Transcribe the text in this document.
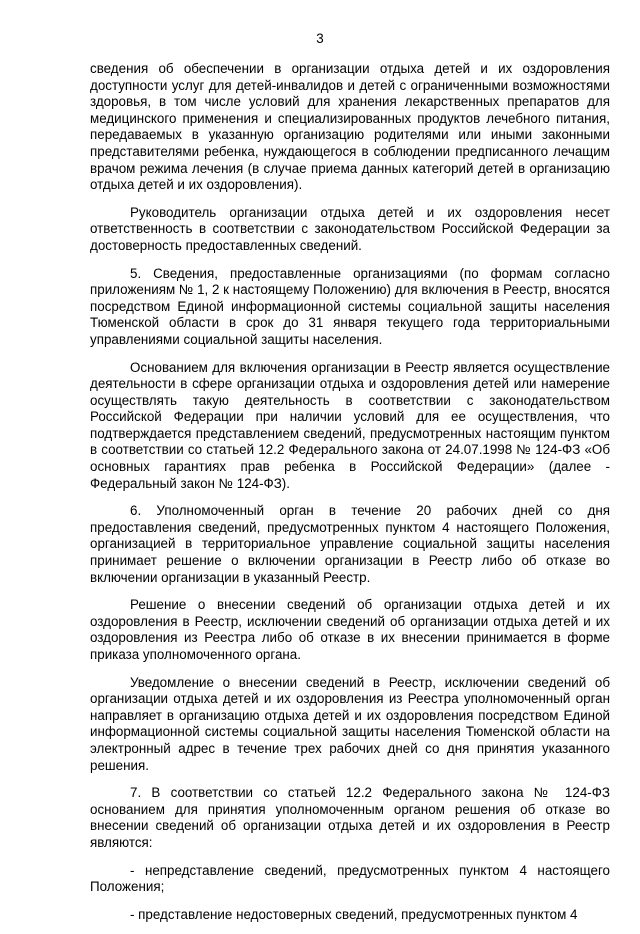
3

сведения об обеспечении в организации отдыха детей и их оздоровления доступности услуг для детей-инвалидов и детей с ограниченными возможностями здоровья, в том числе условий для хранения лекарственных препаратов для медицинского применения и специализированных продуктов лечебного питания, передаваемых в указанную организацию родителями или иными законными представителями ребенка, нуждающегося в соблюдении предписанного лечащим врачом режима лечения (в случае приема данных категорий детей в организацию отдыха детей и их оздоровления).

Руководитель организации отдыха детей и их оздоровления несет ответственность в соответствии с законодательством Российской Федерации за достоверность предоставленных сведений.

5. Сведения, предоставленные организациями (по формам согласно приложениям № 1, 2 к настоящему Положению) для включения в Реестр, вносятся посредством Единой информационной системы социальной защиты населения Тюменской области в срок до 31 января текущего года территориальными управлениями социальной защиты населения.

Основанием для включения организации в Реестр является осуществление деятельности в сфере организации отдыха и оздоровления детей или намерение осуществлять такую деятельность в соответствии с законодательством Российской Федерации при наличии условий для ее осуществления, что подтверждается представлением сведений, предусмотренных настоящим пунктом в соответствии со статьей 12.2 Федерального закона от 24.07.1998 № 124-ФЗ «Об основных гарантиях прав ребенка в Российской Федерации» (далее - Федеральный закон № 124-ФЗ).

6. Уполномоченный орган в течение 20 рабочих дней со дня предоставления сведений, предусмотренных пунктом 4 настоящего Положения, организацией в территориальное управление социальной защиты населения принимает решение о включении организации в Реестр либо об отказе во включении организации в указанный Реестр.

Решение о внесении сведений об организации отдыха детей и их оздоровления в Реестр, исключении сведений об организации отдыха детей и их оздоровления из Реестра либо об отказе в их внесении принимается в форме приказа уполномоченного органа.

Уведомление о внесении сведений в Реестр, исключении сведений об организации отдыха детей и их оздоровления из Реестра уполномоченный орган направляет в организацию отдыха детей и их оздоровления посредством Единой информационной системы социальной защиты населения Тюменской области на электронный адрес в течение трех рабочих дней со дня принятия указанного решения.

7. В соответствии со статьей 12.2 Федерального закона № 124-ФЗ основанием для принятия уполномоченным органом решения об отказе во внесении сведений об организации отдыха детей и их оздоровления в Реестр являются:

- непредставление сведений, предусмотренных пунктом 4 настоящего Положения;

- представление недостоверных сведений, предусмотренных пунктом 4
